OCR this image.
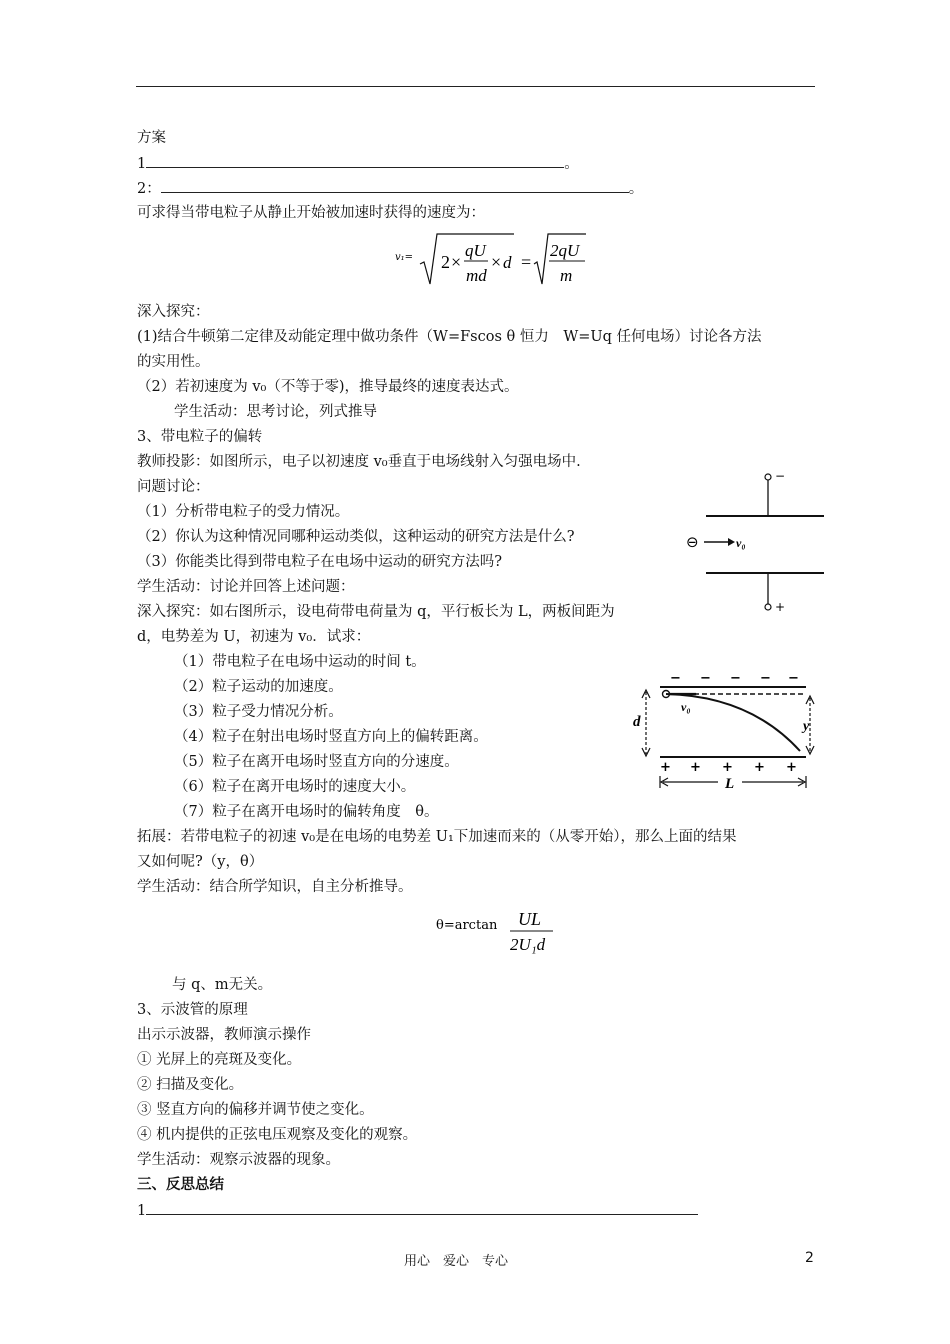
方案
1	。
2：	。
可求得当带电粒子从静止开始被加速时获得的速度为：
v₁= 2 ×
qU
md
× d =
2qU
m
深入探究：
(1)结合牛顿第二定律及动能定理中做功条件（W=Fscos θ 恒力　W=Uq 任何电场）讨论各方法
的实用性。
（2）若初速度为 v₀（不等于零)，推导最终的速度表达式。
学生活动：思考讨论，列式推导
3、带电粒子的偏转
教师投影：如图所示，电子以初速度 v₀垂直于电场线射入匀强电场中.
问题讨论：
（1）分析带电粒子的受力情况。
（2）你认为这种情况同哪种运动类似，这种运动的研究方法是什么?
（3）你能类比得到带电粒子在电场中运动的研究方法吗?
学生活动：讨论并回答上述问题：
深入探究：如右图所示，设电荷带电荷量为 q，平行板长为 L，两板间距为
d，电势差为 U，初速为 v₀．试求：
（1）带电粒子在电场中运动的时间 t。
（2）粒子运动的加速度。
（3）粒子受力情况分析。
（4）粒子在射出电场时竖直方向上的偏转距离。
（5）粒子在离开电场时竖直方向的分速度。
（6）粒子在离开电场时的速度大小。
（7）粒子在离开电场时的偏转角度　θ。
拓展：若带电粒子的初速 v₀是在电场的电势差 U₁下加速而来的（从零开始），那么上面的结果
又如何呢?（y，θ）
学生活动：结合所学知识，自主分析推导。
θ=arctan UL
2U₁d
与 q、m无关。
3、示波管的原理
出示示波器，教师演示操作
① 光屏上的亮斑及变化。
② 扫描及变化。
③ 竖直方向的偏移并调节使之变化。
④ 机内提供的正弦电压观察及变化的观察。
学生活动：观察示波器的现象。
三、反思总结
1
−
+
⊖	v₀
− − − − −
+ + + + +
d
v₀
y
L
用心　爱心　专心	2
